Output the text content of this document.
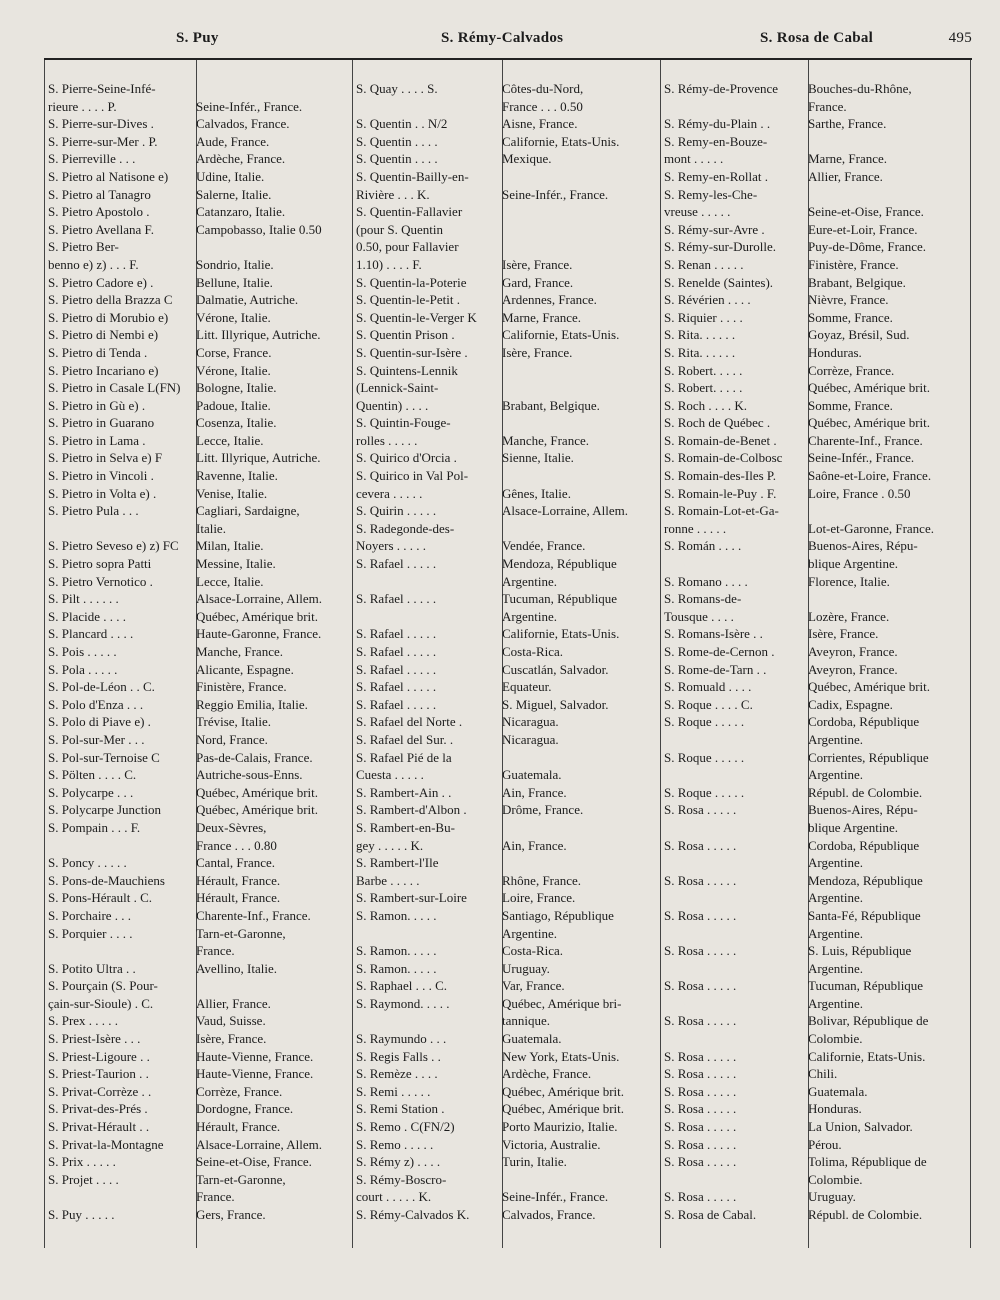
S. Puy	S. Rémy-Calvados	S. Rosa de Cabal	495
S. Pierre-Seine-Infé-
rieure . . . . P.	Seine-Infér., France.
S. Pierre-sur-Dives .	Calvados, France.
S. Pierre-sur-Mer . P.	Aude, France.
S. Pierreville . . .	Ardèche, France.
S. Pietro al Natisone e)	Udine, Italie.
S. Pietro al Tanagro	Salerne, Italie.
S. Pietro Apostolo .	Catanzaro, Italie.
S. Pietro Avellana F.	Campobasso, Italie 0.50
S. Pietro Ber-
benno e) z) . . . F.	Sondrio, Italie.
S. Pietro Cadore e) .	Bellune, Italie.
S. Pietro della Brazza C	Dalmatie, Autriche.
S. Pietro di Morubio e)	Vérone, Italie.
S. Pietro di Nembi e)	Litt. Illyrique, Autriche.
S. Pietro di Tenda .	Corse, France.
S. Pietro Incariano e)	Vérone, Italie.
S. Pietro in Casale L(FN)	Bologne, Italie.
S. Pietro in Gù e) .	Padoue, Italie.
S. Pietro in Guarano	Cosenza, Italie.
S. Pietro in Lama .	Lecce, Italie.
S. Pietro in Selva e) F	Litt. Illyrique, Autriche.
S. Pietro in Vincoli .	Ravenne, Italie.
S. Pietro in Volta e) .	Venise, Italie.
S. Pietro Pula . . .	Cagliari, Sardaigne,
Italie.
S. Pietro Seveso e) z) FC	Milan, Italie.
S. Pietro sopra Patti	Messine, Italie.
S. Pietro Vernotico .	Lecce, Italie.
S. Pilt . . . . . .	Alsace-Lorraine, Allem.
S. Placide . . . .	Québec, Amérique brit.
S. Plancard . . . .	Haute-Garonne, France.
S. Pois . . . . .	Manche, France.
S. Pola . . . . .	Alicante, Espagne.
S. Pol-de-Léon . . C.	Finistère, France.
S. Polo d'Enza . . .	Reggio Emilia, Italie.
S. Polo di Piave e) .	Trévise, Italie.
S. Pol-sur-Mer . . .	Nord, France.
S. Pol-sur-Ternoise C	Pas-de-Calais, France.
S. Pölten . . . . C.	Autriche-sous-Enns.
S. Polycarpe . . .	Québec, Amérique brit.
S. Polycarpe Junction	Québec, Amérique brit.
S. Pompain . . . F.	Deux-Sèvres,
France . . . 0.80
S. Poncy . . . . .	Cantal, France.
S. Pons-de-Mauchiens	Hérault, France.
S. Pons-Hérault . C.	Hérault, France.
S. Porchaire . . .	Charente-Inf., France.
S. Porquier . . . .	Tarn-et-Garonne,
France.
S. Potito Ultra . .	Avellino, Italie.
S. Pourçain (S. Pour-
çain-sur-Sioule) . C.	Allier, France.
S. Prex . . . . .	Vaud, Suisse.
S. Priest-Isère . . .	Isère, France.
S. Priest-Ligoure . .	Haute-Vienne, France.
S. Priest-Taurion . .	Haute-Vienne, France.
S. Privat-Corrèze . .	Corrèze, France.
S. Privat-des-Prés .	Dordogne, France.
S. Privat-Hérault . .	Hérault, France.
S. Privat-la-Montagne	Alsace-Lorraine, Allem.
S. Prix . . . . .	Seine-et-Oise, France.
S. Projet . . . .	Tarn-et-Garonne,
France.
S. Puy . . . . .	Gers, France.
S. Quay . . . . S.	Côtes-du-Nord,
France . . . 0.50
S. Quentin . . N/2	Aisne, France.
S. Quentin . . . .	Californie, Etats-Unis.
S. Quentin . . . .	Mexique.
S. Quentin-Bailly-en-
Rivière . . . K.	Seine-Infér., France.
S. Quentin-Fallavier
(pour S. Quentin
0.50, pour Fallavier
1.10) . . . . F.	Isère, France.
S. Quentin-la-Poterie	Gard, France.
S. Quentin-le-Petit .	Ardennes, France.
S. Quentin-le-Verger K	Marne, France.
S. Quentin Prison .	Californie, Etats-Unis.
S. Quentin-sur-Isère .	Isère, France.
S. Quintens-Lennik
(Lennick-Saint-
Quentin) . . . .	Brabant, Belgique.
S. Quintin-Fouge-
rolles . . . . .	Manche, France.
S. Quirico d'Orcia .	Sienne, Italie.
S. Quirico in Val Pol-
cevera . . . . .	Gênes, Italie.
S. Quirin . . . . .	Alsace-Lorraine, Allem.
S. Radegonde-des-
Noyers . . . . .	Vendée, France.
S. Rafael . . . . .	Mendoza, République
Argentine.
S. Rafael . . . . .	Tucuman, République
Argentine.
S. Rafael . . . . .	Californie, Etats-Unis.
S. Rafael . . . . .	Costa-Rica.
S. Rafael . . . . .	Cuscatlán, Salvador.
S. Rafael . . . . .	Equateur.
S. Rafael . . . . .	S. Miguel, Salvador.
S. Rafael del Norte .	Nicaragua.
S. Rafael del Sur. .	Nicaragua.
S. Rafael Pié de la
Cuesta . . . . .	Guatemala.
S. Rambert-Ain . .	Ain, France.
S. Rambert-d'Albon .	Drôme, France.
S. Rambert-en-Bu-
gey . . . . . K.	Ain, France.
S. Rambert-l'Ile
Barbe . . . . .	Rhône, France.
S. Rambert-sur-Loire	Loire, France.
S. Ramon. . . . .	Santiago, République
Argentine.
S. Ramon. . . . .	Costa-Rica.
S. Ramon. . . . .	Uruguay.
S. Raphael . . . C.	Var, France.
S. Raymond. . . . .	Québec, Amérique bri-
tannique.
S. Raymundo . . .	Guatemala.
S. Regis Falls . .	New York, Etats-Unis.
S. Remèze . . . .	Ardèche, France.
S. Remi . . . . .	Québec, Amérique brit.
S. Remi Station .	Québec, Amérique brit.
S. Remo . C(FN/2)	Porto Maurizio, Italie.
S. Remo . . . . .	Victoria, Australie.
S. Rémy z) . . . .	Turin, Italie.
S. Rémy-Boscro-
court . . . . . K.	Seine-Infér., France.
S. Rémy-Calvados K.	Calvados, France.
S. Rémy-de-Provence	Bouches-du-Rhône,
France.
S. Rémy-du-Plain . .	Sarthe, France.
S. Remy-en-Bouze-
mont . . . . .	Marne, France.
S. Remy-en-Rollat .	Allier, France.
S. Remy-les-Che-
vreuse . . . . .	Seine-et-Oise, France.
S. Rémy-sur-Avre .	Eure-et-Loir, France.
S. Rémy-sur-Durolle.	Puy-de-Dôme, France.
S. Renan . . . . .	Finistère, France.
S. Renelde (Saintes).	Brabant, Belgique.
S. Révérien . . . .	Nièvre, France.
S. Riquier . . . .	Somme, France.
S. Rita. . . . . .	Goyaz, Brésil, Sud.
S. Rita. . . . . .	Honduras.
S. Robert. . . . .	Corrèze, France.
S. Robert. . . . .	Québec, Amérique brit.
S. Roch . . . . K.	Somme, France.
S. Roch de Québec .	Québec, Amérique brit.
S. Romain-de-Benet .	Charente-Inf., France.
S. Romain-de-Colbosc	Seine-Infér., France.
S. Romain-des-Iles P.	Saône-et-Loire, France.
S. Romain-le-Puy . F.	Loire, France . 0.50
S. Romain-Lot-et-Ga-
ronne . . . . .	Lot-et-Garonne, France.
S. Román . . . .	Buenos-Aires, Répu-
blique Argentine.
S. Romano . . . .	Florence, Italie.
S. Romans-de-
Tousque . . . .	Lozère, France.
S. Romans-Isère . .	Isère, France.
S. Rome-de-Cernon .	Aveyron, France.
S. Rome-de-Tarn . .	Aveyron, France.
S. Romuald . . . .	Québec, Amérique brit.
S. Roque . . . . C.	Cadix, Espagne.
S. Roque . . . . .	Cordoba, République
Argentine.
S. Roque . . . . .	Corrientes, République
Argentine.
S. Roque . . . . .	Républ. de Colombie.
S. Rosa . . . . .	Buenos-Aires, Répu-
blique Argentine.
S. Rosa . . . . .	Cordoba, République
Argentine.
S. Rosa . . . . .	Mendoza, République
Argentine.
S. Rosa . . . . .	Santa-Fé, République
Argentine.
S. Rosa . . . . .	S. Luis, République
Argentine.
S. Rosa . . . . .	Tucuman, République
Argentine.
S. Rosa . . . . .	Bolivar, République de
Colombie.
S. Rosa . . . . .	Californie, Etats-Unis.
S. Rosa . . . . .	Chili.
S. Rosa . . . . .	Guatemala.
S. Rosa . . . . .	Honduras.
S. Rosa . . . . .	La Union, Salvador.
S. Rosa . . . . .	Pérou.
S. Rosa . . . . .	Tolima, République de
Colombie.
S. Rosa . . . . .	Uruguay.
S. Rosa de Cabal.	Républ. de Colombie.
